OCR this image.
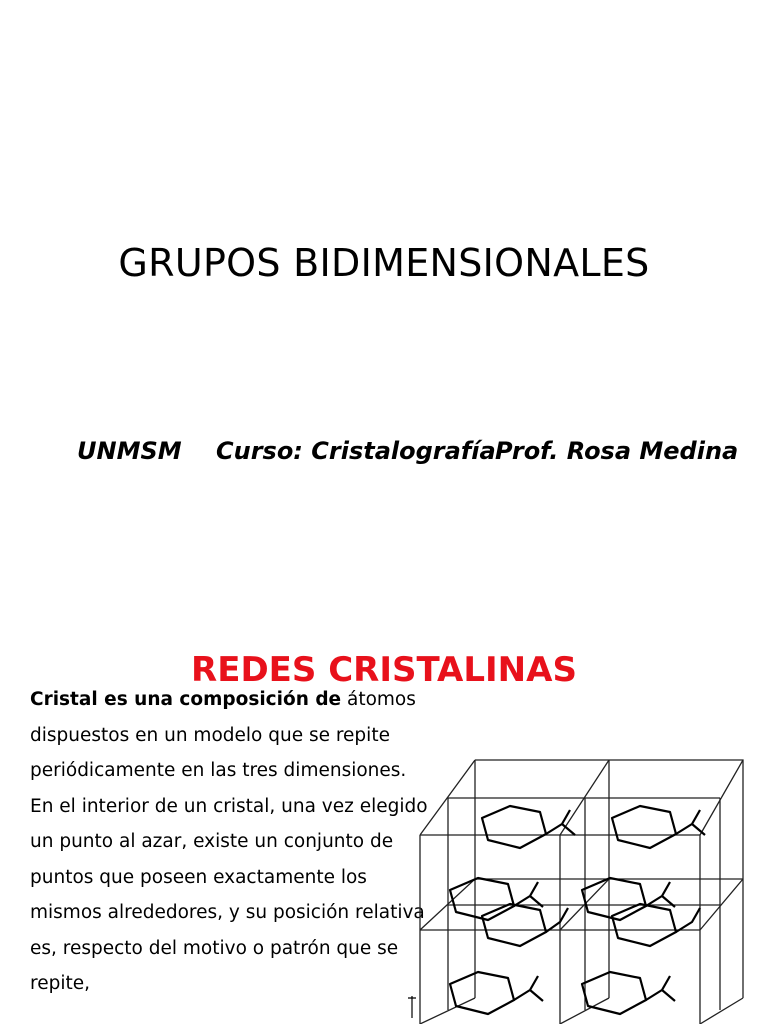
GRUPOS BIDIMENSIONALES
UNMSM Curso: Cristalografía Prof. Rosa Medina
REDES CRISTALINAS

Cristal es una composición de átomos dispuestos en un modelo que se repite periódicamente en las tres dimensiones.

En el interior de un cristal, una vez elegido un punto al azar, existe un conjunto de puntos que poseen exactamente los mismos alrededores, y su posición relativa es, respecto del motivo o patrón que se repite,
